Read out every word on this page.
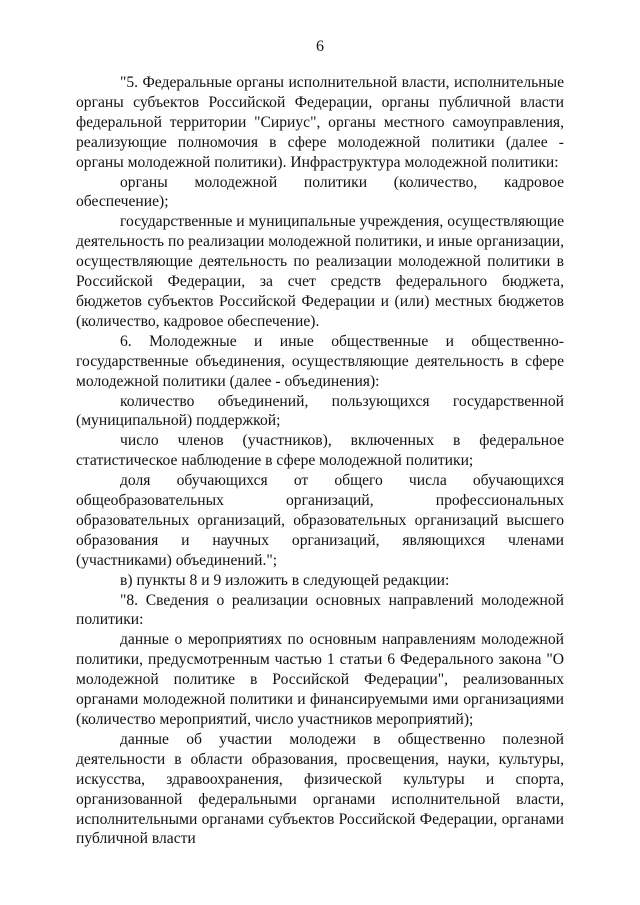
6

"5. Федеральные органы исполнительной власти, исполнительные органы субъектов Российской Федерации, органы публичной власти федеральной территории "Сириус", органы местного самоуправления, реализующие полномочия в сфере молодежной политики (далее - органы молодежной политики). Инфраструктура молодежной политики:

органы молодежной политики (количество, кадровое обеспечение);

государственные и муниципальные учреждения, осуществляющие деятельность по реализации молодежной политики, и иные организации, осуществляющие деятельность по реализации молодежной политики в Российской Федерации, за счет средств федерального бюджета, бюджетов субъектов Российской Федерации и (или) местных бюджетов (количество, кадровое обеспечение).

6. Молодежные и иные общественные и общественно-государственные объединения, осуществляющие деятельность в сфере молодежной политики (далее - объединения):

количество объединений, пользующихся государственной (муниципальной) поддержкой;

число членов (участников), включенных в федеральное статистическое наблюдение в сфере молодежной политики;

доля обучающихся от общего числа обучающихся общеобразовательных организаций, профессиональных образовательных организаций, образовательных организаций высшего образования и научных организаций, являющихся членами (участниками) объединений.";

в) пункты 8 и 9 изложить в следующей редакции:

"8. Сведения о реализации основных направлений молодежной политики:

данные о мероприятиях по основным направлениям молодежной политики, предусмотренным частью 1 статьи 6 Федерального закона "О молодежной политике в Российской Федерации", реализованных органами молодежной политики и финансируемыми ими организациями (количество мероприятий, число участников мероприятий);

данные об участии молодежи в общественно полезной деятельности в области образования, просвещения, науки, культуры, искусства, здравоохранения, физической культуры и спорта, организованной федеральными органами исполнительной власти, исполнительными органами субъектов Российской Федерации, органами публичной власти
